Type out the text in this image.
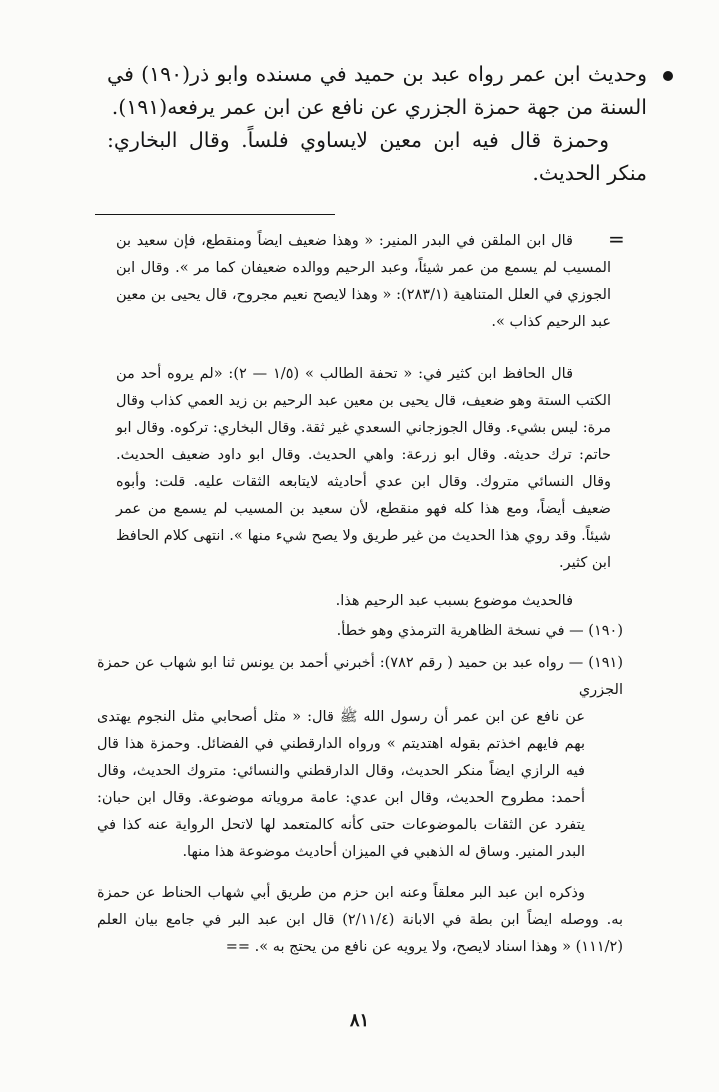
وحديث ابن عمر رواه عبد بن حميد في مسنده وابو ذر(١٩٠) في السنة من جهة حمزة الجزري عن نافع عن ابن عمر يرفعه(١٩١).

وحمزة قال فيه ابن معين لايساوي فلساً. وقال البخاري: منكر الحديث.

=

قال ابن الملقن في البدر المنير: « وهذا ضعيف ايضاً ومنقطع، فإن سعيد بن المسيب لم يسمع من عمر شيئاً، وعبد الرحيم ووالده ضعيفان كما مر ». وقال ابن الجوزي في العلل المتناهية (٢٨٣/١): « وهذا لايصح نعيم مجروح، قال يحيى بن معين عبد الرحيم كذاب ».

قال الحافظ ابن كثير في: « تحفة الطالب » (١/٥ — ٢): «لم يروه أحد من الكتب الستة وهو ضعيف، قال يحيى بن معين عبد الرحيم بن زيد العمي كذاب وقال مرة: ليس بشيء. وقال الجوزجاني السعدي غير ثقة. وقال البخاري: تركوه. وقال ابو حاتم: ترك حديثه. وقال ابو زرعة: واهي الحديث. وقال ابو داود ضعيف الحديث. وقال النسائي متروك. وقال ابن عدي أحاديثه لايتابعه الثقات عليه. قلت: وأبوه ضعيف أيضاً، ومع هذا كله فهو منقطع، لأن سعيد بن المسيب لم يسمع من عمر شيئاً. وقد روي هذا الحديث من غير طريق ولا يصح شيء منها ». انتهى كلام الحافظ ابن كثير.

فالحديث موضوع بسبب عبد الرحيم هذا.

(١٩٠) — في نسخة الظاهرية الترمذي وهو خطأ.

(١٩١) — رواه عبد بن حميد ( رقم ٧٨٢): أخبرني أحمد بن يونس ثنا ابو شهاب عن حمزة الجزري

عن نافع عن ابن عمر أن رسول الله ﷺ قال: « مثل أصحابي مثل النجوم يهتدى بهم فايهم اخذتم بقوله اهتديتم » ورواه الدارقطني في الفضائل. وحمزة هذا قال فيه الرازي ايضاً منكر الحديث، وقال الدارقطني والنسائي: متروك الحديث، وقال أحمد: مطروح الحديث، وقال ابن عدي: عامة مروياته موضوعة. وقال ابن حبان: يتفرد عن الثقات بالموضوعات حتى كأنه كالمتعمد لها لاتحل الرواية عنه كذا في البدر المنير. وساق له الذهبي في الميزان أحاديث موضوعة هذا منها.

وذكره ابن عبد البر معلقاً وعنه ابن حزم من طريق أبي شهاب الحناط عن حمزة به. ووصله ايضاً ابن بطة في الابانة (٢/١١/٤) قال ابن عبد البر في جامع بيان العلم (١١١/٢) « وهذا اسناد لايصح، ولا يرويه عن نافع من يحتج به ». ==

٨١
